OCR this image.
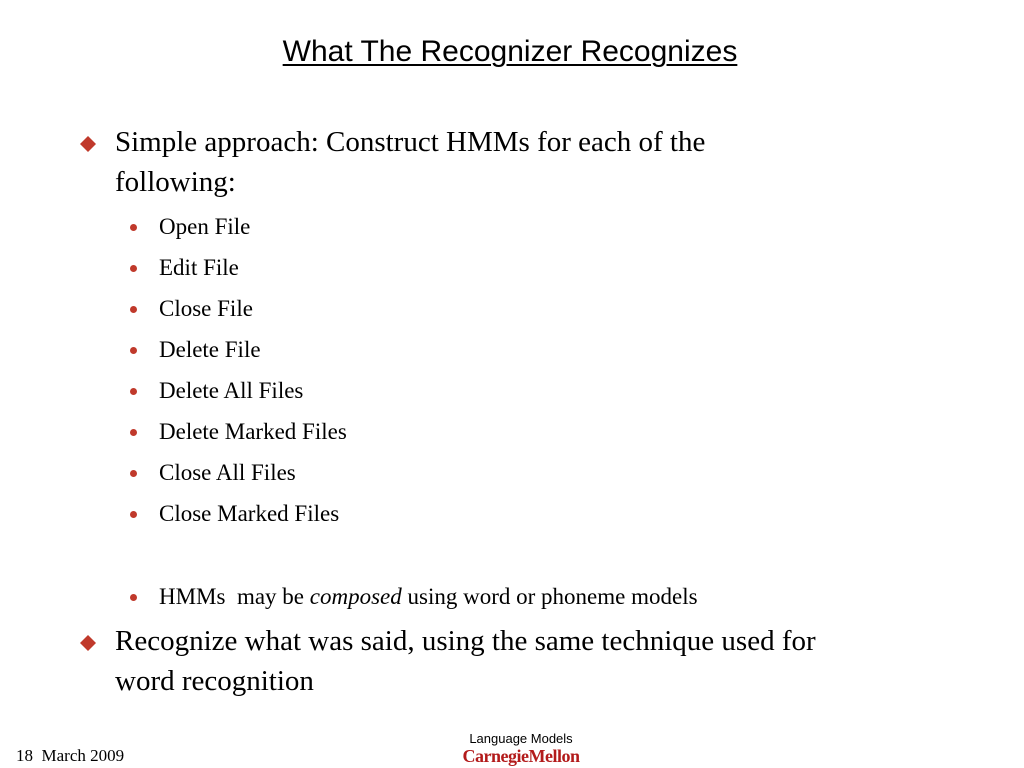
What The Recognizer Recognizes
Simple approach: Construct HMMs for each of the
following:
Open File
Edit File
Close File
Delete File
Delete All Files
Delete Marked Files
Close All Files
Close Marked Files
HMMs  may be composed using word or phoneme models
Recognize what was said, using the same technique used for
word recognition
18  March 2009
Language Models
CarnegieMellon
